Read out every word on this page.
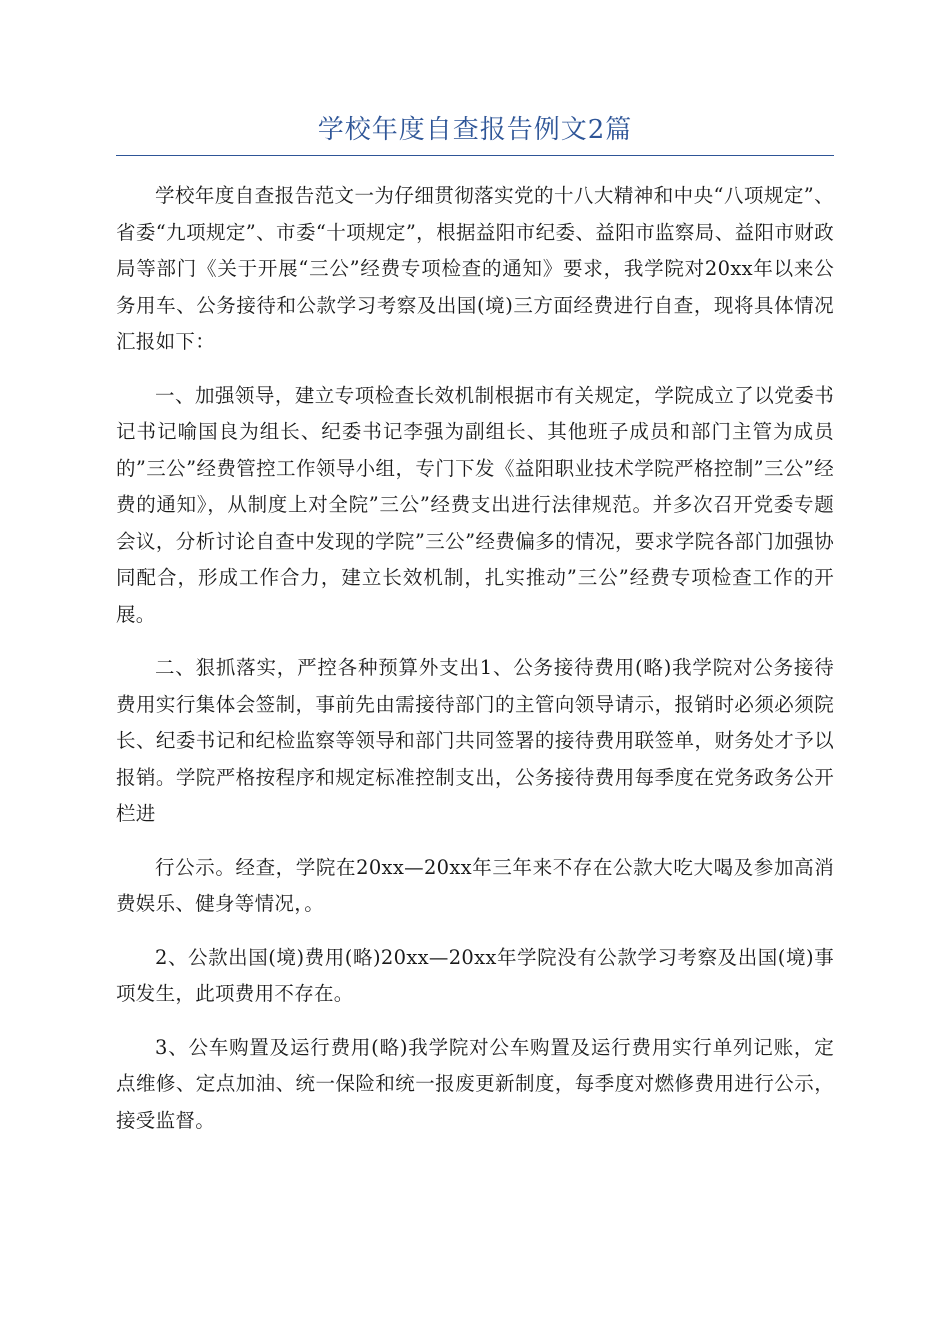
学校年度自查报告例文2篇

学校年度自查报告范文一为仔细贯彻落实党的十八大精神和中央“八项规定”、省委“九项规定”、市委“十项规定”，根据益阳市纪委、益阳市监察局、益阳市财政局等部门《关于开展“三公”经费专项检查的通知》要求，我学院对20xx年以来公务用车、公务接待和公款学习考察及出国(境)三方面经费进行自查，现将具体情况汇报如下：

一、加强领导，建立专项检查长效机制根据市有关规定，学院成立了以党委书记书记喻国良为组长、纪委书记李强为副组长、其他班子成员和部门主管为成员的”三公”经费管控工作领导小组，专门下发《益阳职业技术学院严格控制”三公”经费的通知》，从制度上对全院”三公”经费支出进行法律规范。并多次召开党委专题会议，分析讨论自查中发现的学院”三公”经费偏多的情况，要求学院各部门加强协同配合，形成工作合力，建立长效机制，扎实推动”三公”经费专项检查工作的开展。

二、狠抓落实，严控各种预算外支出1、公务接待费用(略)我学院对公务接待费用实行集体会签制，事前先由需接待部门的主管向领导请示，报销时必须必须院长、纪委书记和纪检监察等领导和部门共同签署的接待费用联签单，财务处才予以报销。学院严格按程序和规定标准控制支出，公务接待费用每季度在党务政务公开栏进

行公示。经查，学院在20xx—20xx年三年来不存在公款大吃大喝及参加高消费娱乐、健身等情况，。

2、公款出国(境)费用(略)20xx—20xx年学院没有公款学习考察及出国(境)事项发生，此项费用不存在。

3、公车购置及运行费用(略)我学院对公车购置及运行费用实行单列记账，定点维修、定点加油、统一保险和统一报废更新制度，每季度对燃修费用进行公示，接受监督。
